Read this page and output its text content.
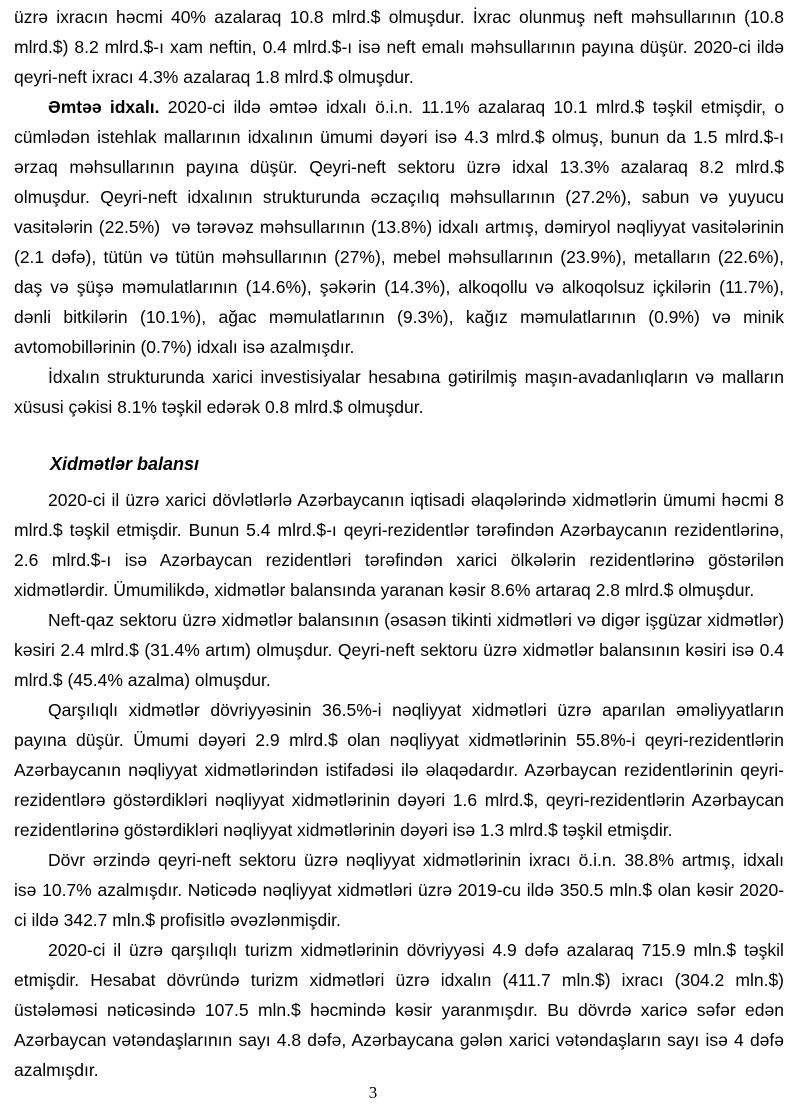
üzrə ixracın həcmi 40% azalaraq 10.8 mlrd.$ olmuşdur. İxrac olunmuş neft məhsullarının (10.8
mlrd.$) 8.2 mlrd.$-ı xam neftin, 0.4 mlrd.$-ı isə neft emalı məhsullarının payına düşür. 2020-ci ildə
qeyri-neft ixracı 4.3% azalaraq 1.8 mlrd.$ olmuşdur.
Əmtəə idxalı. 2020-ci ildə əmtəə idxalı ö.i.n. 11.1% azalaraq 10.1 mlrd.$ təşkil etmişdir, o
cümlədən istehlak mallarının idxalının ümumi dəyəri isə 4.3 mlrd.$ olmuş, bunun da 1.5 mlrd.$-ı
ərzaq məhsullarının payına düşür. Qeyri-neft sektoru üzrə idxal 13.3% azalaraq 8.2 mlrd.$
olmuşdur. Qeyri-neft idxalının strukturunda əczaçılıq məhsullarının (27.2%), sabun və yuyucu
vasitələrin (22.5%)  və tərəvəz məhsullarının (13.8%) idxalı artmış, dəmiryol nəqliyyat vasitələrinin
(2.1 dəfə), tütün və tütün məhsullarının (27%), mebel məhsullarının (23.9%), metalların (22.6%),
daş və şüşə məmulatlarının (14.6%), şəkərin (14.3%), alkoqollu və alkoqolsuz içkilərin (11.7%),
dənli bitkilərin (10.1%), ağac məmulatlarının (9.3%), kağız məmulatlarının (0.9%) və minik
avtomobillərinin (0.7%) idxalı isə azalmışdır.
İdxalın strukturunda xarici investisiyalar hesabına gətirilmiş maşın-avadanlıqların və malların
xüsusi çəkisi 8.1% təşkil edərək 0.8 mlrd.$ olmuşdur.
Xidmətlər balansı
2020-ci il üzrə xarici dövlətlərlə Azərbaycanın iqtisadi əlaqələrində xidmətlərin ümumi həcmi 8
mlrd.$ təşkil etmişdir. Bunun 5.4 mlrd.$-ı qeyri-rezidentlər tərəfindən Azərbaycanın rezidentlərinə,
2.6 mlrd.$-ı isə Azərbaycan rezidentləri tərəfindən xarici ölkələrin rezidentlərinə göstərilən
xidmətlərdir. Ümumilikdə, xidmətlər balansında yaranan kəsir 8.6% artaraq 2.8 mlrd.$ olmuşdur.
Neft-qaz sektoru üzrə xidmətlər balansının (əsasən tikinti xidmətləri və digər işgüzar xidmətlər)
kəsiri 2.4 mlrd.$ (31.4% artım) olmuşdur. Qeyri-neft sektoru üzrə xidmətlər balansının kəsiri isə 0.4
mlrd.$ (45.4% azalma) olmuşdur.
Qarşılıqlı xidmətlər dövriyyəsinin 36.5%-i nəqliyyat xidmətləri üzrə aparılan əməliyyatların
payına düşür. Ümumi dəyəri 2.9 mlrd.$ olan nəqliyyat xidmətlərinin 55.8%-i qeyri-rezidentlərin
Azərbaycanın nəqliyyat xidmətlərindən istifadəsi ilə əlaqədardır. Azərbaycan rezidentlərinin qeyri-
rezidentlərə göstərdikləri nəqliyyat xidmətlərinin dəyəri 1.6 mlrd.$, qeyri-rezidentlərin Azərbaycan
rezidentlərinə göstərdikləri nəqliyyat xidmətlərinin dəyəri isə 1.3 mlrd.$ təşkil etmişdir.
Dövr ərzində qeyri-neft sektoru üzrə nəqliyyat xidmətlərinin ixracı ö.i.n. 38.8% artmış, idxalı
isə 10.7% azalmışdır. Nəticədə nəqliyyat xidmətləri üzrə 2019-cu ildə 350.5 mln.$ olan kəsir 2020-
ci ildə 342.7 mln.$ profisitlə əvəzlənmişdir.
2020-ci il üzrə qarşılıqlı turizm xidmətlərinin dövriyyəsi 4.9 dəfə azalaraq 715.9 mln.$ təşkil
etmişdir. Hesabat dövründə turizm xidmətləri üzrə idxalın (411.7 mln.$) ixracı (304.2 mln.$)
üstələməsi nəticəsində 107.5 mln.$ həcmində kəsir yaranmışdır. Bu dövrdə xaricə səfər edən
Azərbaycan vətəndaşlarının sayı 4.8 dəfə, Azərbaycana gələn xarici vətəndaşların sayı isə 4 dəfə
azalmışdır.
3
